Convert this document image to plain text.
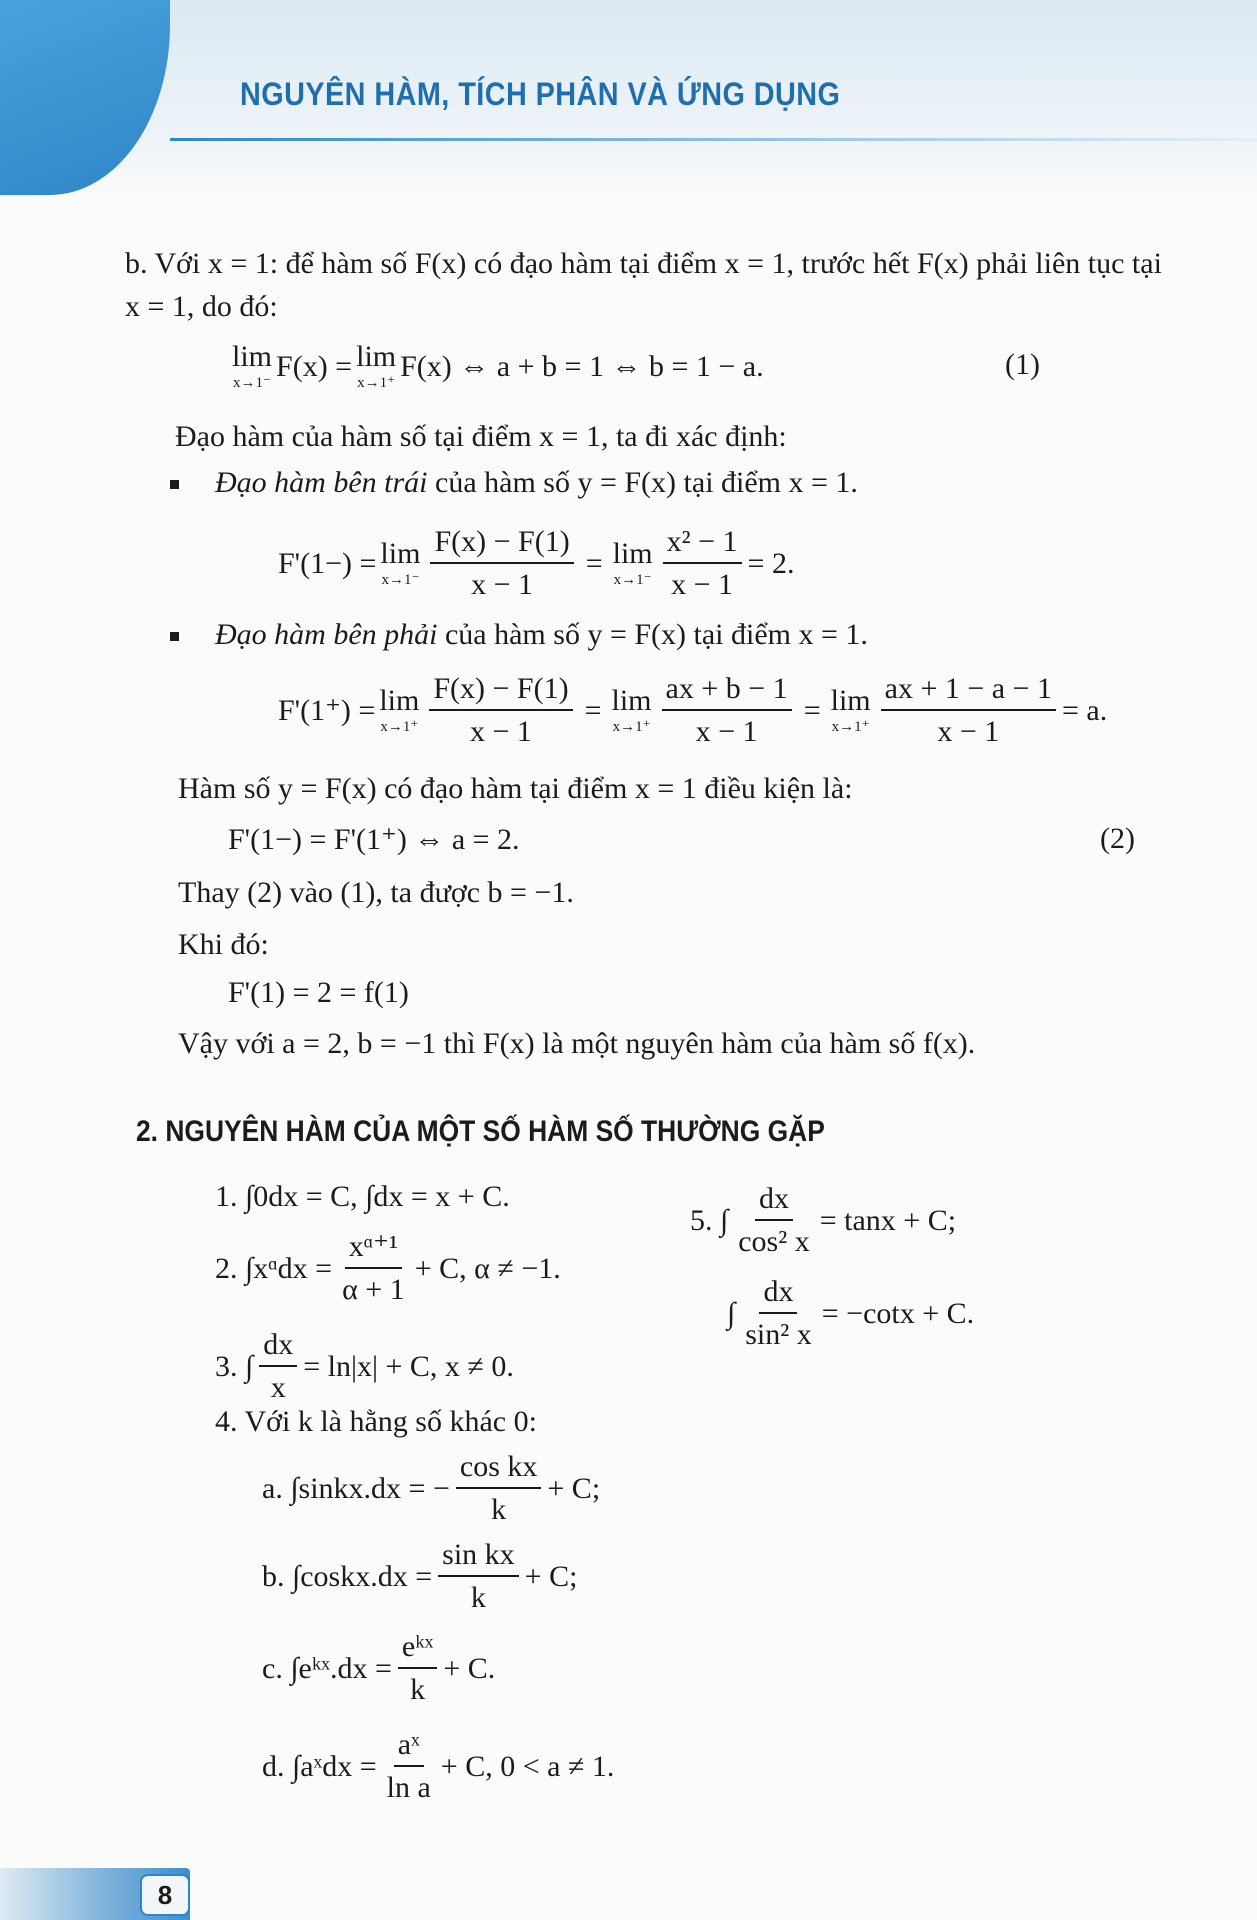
NGUYÊN HÀM, TÍCH PHÂN VÀ ỨNG DỤNG
b. Với x = 1: để hàm số F(x) có đạo hàm tại điểm x = 1, trước hết F(x) phải liên tục tại
x = 1, do đó:
lim
x→1⁻
F(x) = lim
x→1⁺
F(x) ⇔ a + b = 1 ⇔ b = 1 − a.	(1)
Đạo hàm của hàm số tại điểm x = 1, ta đi xác định:
Đạo hàm bên trái của hàm số y = F(x) tại điểm x = 1.
F'(1−) = lim
$x\to 1^- \frac{F(x) - F(1)}{x - 1} = \lim$
$x\to 1^- \frac{\text{x² − 1}}{x - 1} = 2$.
Đạo hàm bên phải của hàm số y = F(x) tại điểm x = 1.
F'(1⁺) = lim
$x\to 1^+ \frac{F(x) - F(1)}{x - 1} = \lim$
$x\to 1^+ \frac{ax + b - 1}{x - 1} = \lim$
$x\to 1^+ \frac{ax + 1 - a - 1}{x - 1} = a$.
Hàm số y = F(x) có đạo hàm tại điểm x = 1 điều kiện là:
F'(1−) = F'(1⁺) ⇔ a = 2.	(2)
Thay (2) vào (1), ta được b = −1.
Khi đó:
F'(1) = 2 = f(1)
Vậy với a = 2, b = −1 thì F(x) là một nguyên hàm của hàm số f(x).
2. NGUYÊN HÀM CỦA MỘT SỐ HÀM SỐ THƯỜNG GẶP
1. ∫0dx = C, ∫dx = x + C.
2. ∫xᵅdx = $\frac{\text{xᵅ⁺¹}}{\alpha + 1} + C$, α ≠ −1.
3. ∫ $\frac{dx}{x} = \ln|x| + C$, x ≠ 0.
4. Với k là hằng số khác 0:
a. ∫sinkx.dx = − $\frac{\text{cos kx}}{k} + C$;
b. ∫coskx.dx = $\frac{\text{sin kx}}{k} + C$;
c. ∫eᵏˣ.dx = $\frac{\text{eᵏˣ}}{k} + C$.
d. ∫aˣdx = $\frac{\text{aˣ}}{\text{ln a}} + C$, 0 < a ≠ 1.
5. ∫ $\frac{dx}{\text{cos² x}} = \tan x + C$;
∫ $\frac{dx}{\text{sin² x}} = -\cot x + C$.
8
